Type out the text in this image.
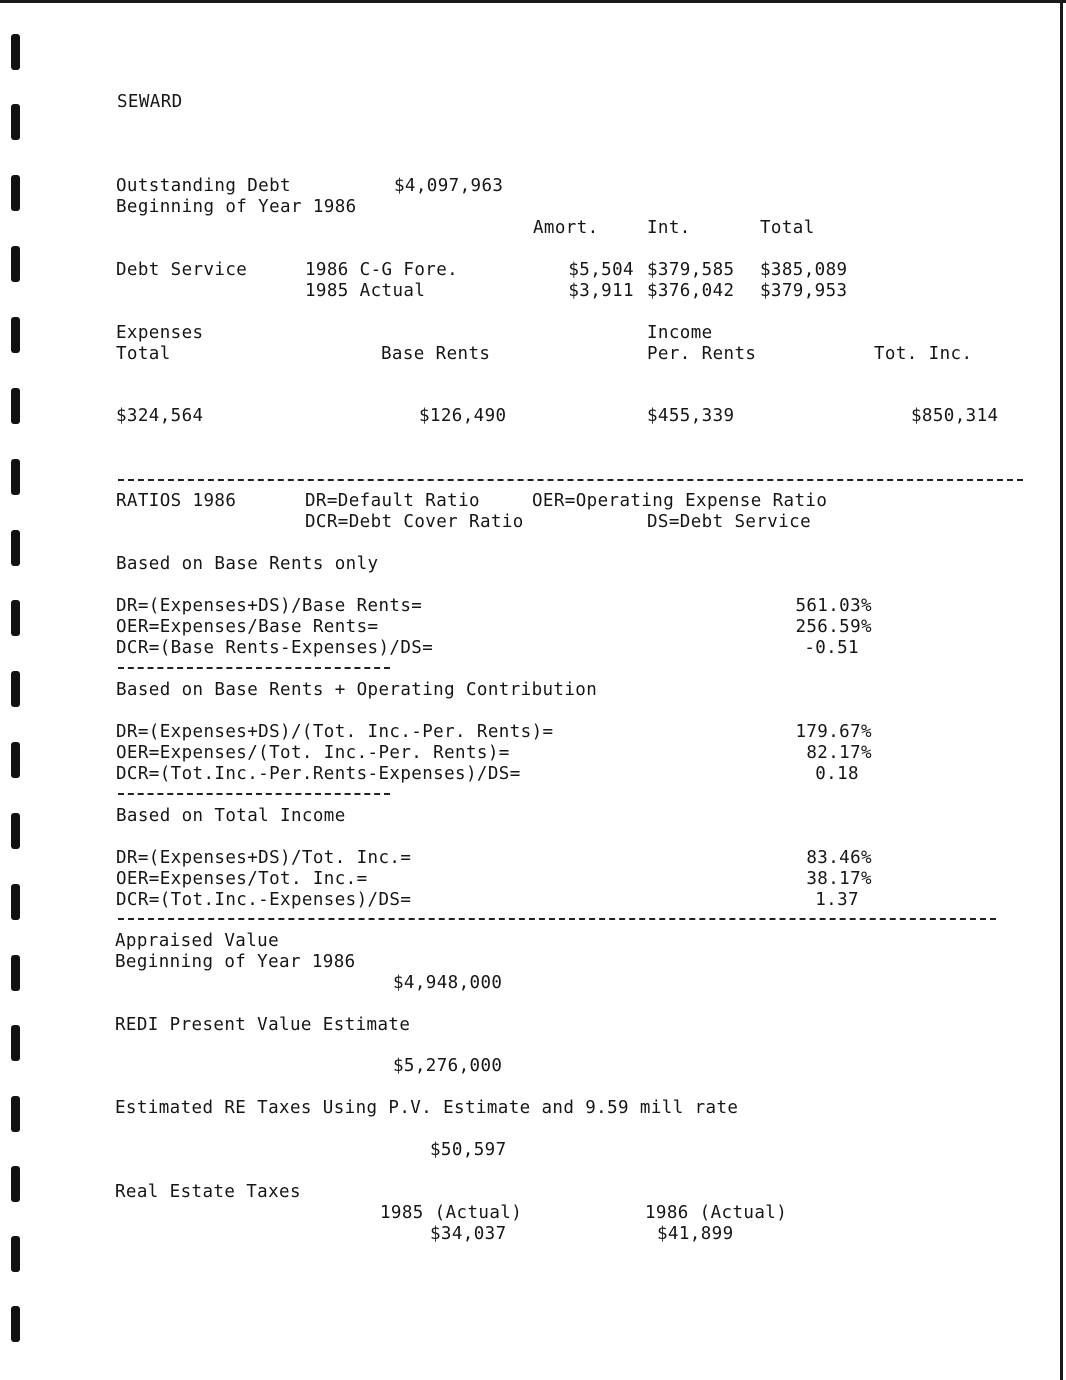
SEWARD
Outstanding Debt	$4,097,963
Beginning of Year 1986
Amort.	Int.	Total
Debt Service	1986 C-G Fore.	$5,504 $379,585 $385,089
1985 Actual	$3,911 $376,042 $379,953
Expenses	Income
Total	Base Rents	Per. Rents	Tot. Inc.
$324,564	$126,490	$455,339	$850,314
RATIOS 1986	DR=Default Ratio	OER=Operating Expense Ratio
DCR=Debt Cover Ratio	DS=Debt Service
Based on Base Rents only
DR=(Expenses+DS)/Base Rents=	561.03%
OER=Expenses/Base Rents=	256.59%
DCR=(Base Rents-Expenses)/DS=	-0.51
Based on Base Rents + Operating Contribution
DR=(Expenses+DS)/(Tot. Inc.-Per. Rents)=	179.67%
OER=Expenses/(Tot. Inc.-Per. Rents)=	82.17%
DCR=(Tot.Inc.-Per.Rents-Expenses)/DS=	0.18
Based on Total Income
DR=(Expenses+DS)/Tot. Inc.=	83.46%
OER=Expenses/Tot. Inc.=	38.17%
DCR=(Tot.Inc.-Expenses)/DS=	1.37
Appraised Value
Beginning of Year 1986
$4,948,000
REDI Present Value Estimate
$5,276,000
Estimated RE Taxes Using P.V. Estimate and 9.59 mill rate
$50,597
Real Estate Taxes
1985 (Actual)	1986 (Actual)
$34,037	$41,899
